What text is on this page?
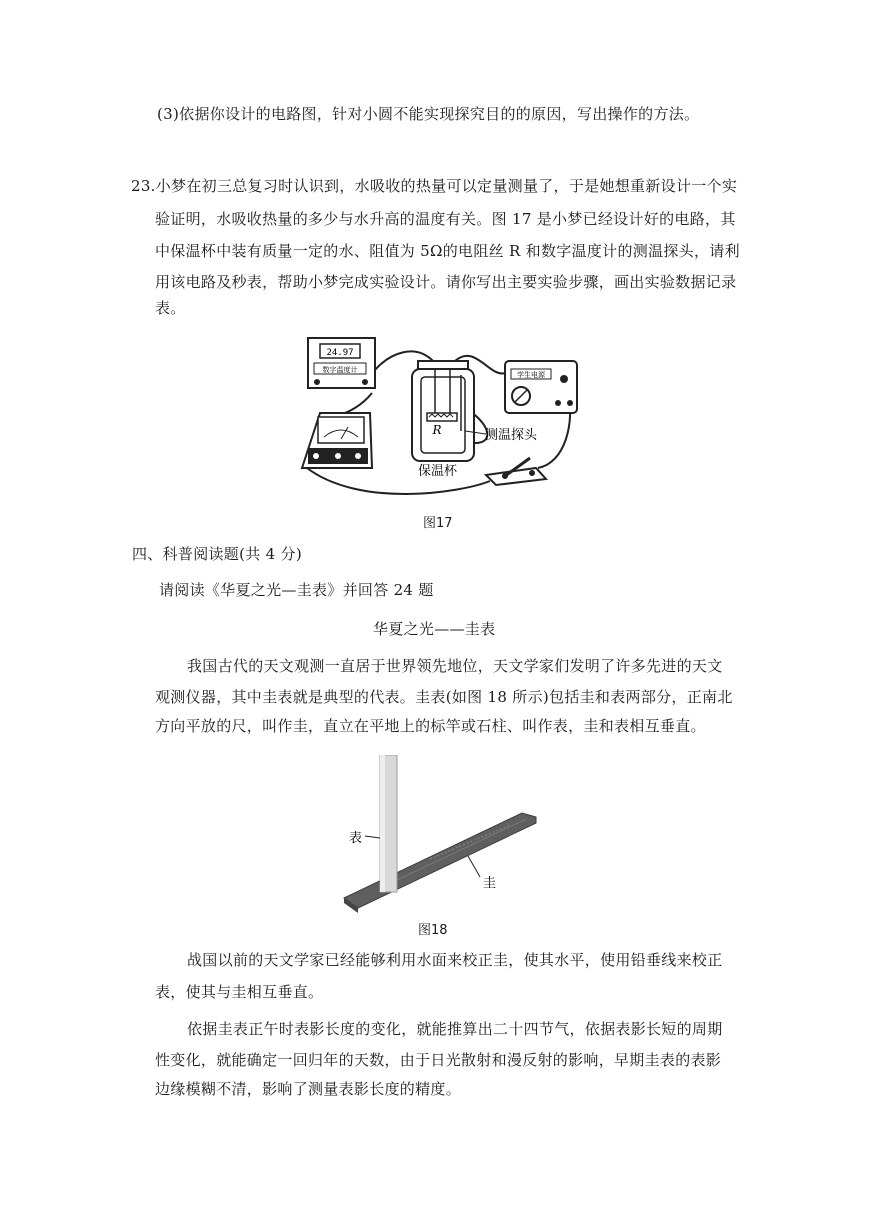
(3)依据你设计的电路图，针对小圆不能实现探究目的的原因，写出操作的方法。
23.小梦在初三总复习时认识到，水吸收的热量可以定量测量了，于是她想重新设计一个实
验证明，水吸收热量的多少与水升高的温度有关。图 17 是小梦已经设计好的电路，其
中保温杯中装有质量一定的水、阻值为 5Ω的电阻丝 R 和数字温度计的测温探头，请利
用该电路及秒表，帮助小梦完成实验设计。请你写出主要实验步骤，画出实验数据记录
表。
24.97
数字温度计
R	测温探头
保温杯
学生电源
图17
四、科普阅读题(共 4 分)
请阅读《华夏之光—圭表》并回答 24 题
华夏之光——圭表
我国古代的天文观测一直居于世界领先地位，天文学家们发明了许多先进的天文
观测仪器，其中圭表就是典型的代表。圭表(如图 18 所示)包括圭和表两部分，正南北
方向平放的尺，叫作圭，直立在平地上的标竿或石柱、叫作表，圭和表相互垂直。
表
圭
图18
战国以前的天文学家已经能够利用水面来校正圭，使其水平，使用铅垂线来校正
表，使其与圭相互垂直。
依据圭表正午时表影长度的变化，就能推算出二十四节气，依据表影长短的周期
性变化，就能确定一回归年的天数，由于日光散射和漫反射的影响，早期圭表的表影
边缘模糊不清，影响了测量表影长度的精度。
